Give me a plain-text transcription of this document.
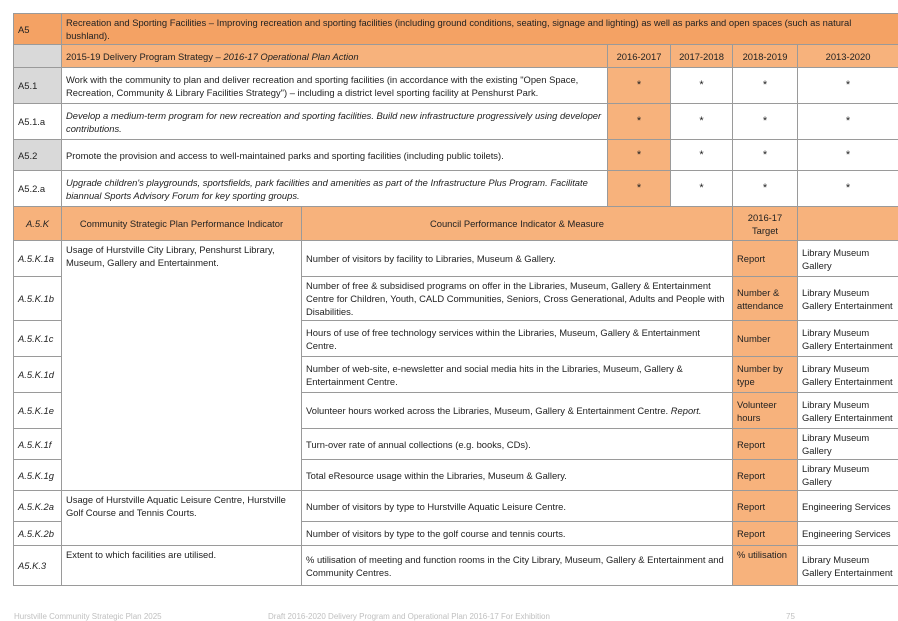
A5	Recreation and Sporting Facilities – Improving recreation and sporting facilities (including ground conditions, seating, signage and lighting) as well as parks and open spaces (such as natural bushland).						
	2015-19 Delivery Program Strategy – 2016-17 Operational Plan Action		2016-2017	2017-2018	2018-2019	2013-2020	
A5.1	Work with the community to plan and deliver recreation and sporting facilities (in accordance with the existing "Open Space, Recreation, Community & Library Facilities Strategy") – including a district level sporting facility at Penshurst Park.		*	*	*	*	
A5.1.a	Develop a medium-term program for new recreation and sporting facilities. Build new infrastructure progressively using developer contributions.		*	*	*	*	
A5.2	Promote the provision and access to well-maintained parks and sporting facilities (including public toilets).		*	*	*	*	
A5.2.a	Upgrade children's playgrounds, sportsfields, park facilities and amenities as part of the Infrastructure Plus Program. Facilitate biannual Sports Advisory Forum for key sporting groups.		*	*	*	*	
A.5.K	Community Strategic Plan Performance Indicator	Council Performance Indicator & Measure			2016-17 Target		
A.5.K.1a	Usage of Hurstville City Library, Penshurst Library, Museum, Gallery and Entertainment.	Number of visitors by facility to Libraries, Museum & Gallery.			Report	Library Museum Gallery	
A.5.K.1b		Number of free & subsidised programs on offer in the Libraries, Museum, Gallery & Entertainment Centre for Children, Youth, CALD Communities, Seniors, Cross Generational, Adults and People with Disabilities.			Number & attendance	Library Museum Gallery Entertainment	
A.5.K.1c		Hours of use of free technology services within the Libraries, Museum, Gallery & Entertainment Centre.			Number	Library Museum Gallery Entertainment	
A.5.K.1d		Number of web-site, e-newsletter and social media hits in the Libraries, Museum, Gallery & Entertainment Centre.			Number by type	Library Museum Gallery Entertainment	
A.5.K.1e		Volunteer hours worked across the Libraries, Museum, Gallery & Entertainment Centre. Report.			Volunteer hours	Library Museum Gallery Entertainment	
A.5.K.1f		Turn-over rate of annual collections (e.g. books, CDs).			Report	Library Museum Gallery	
A.5.K.1g		Total eResource usage within the Libraries, Museum & Gallery.			Report	Library Museum Gallery	
A.5.K.2a	Usage of Hurstville Aquatic Leisure Centre, Hurstville Golf Course and Tennis Courts.	Number of visitors by type to Hurstville Aquatic Leisure Centre.			Report	Engineering Services	
A.5.K.2b		Number of visitors by type to the golf course and tennis courts.			Report	Engineering Services	
A5.K.3	Extent to which facilities are utilised.	% utilisation of meeting and function rooms in the City Library, Museum, Gallery & Entertainment and Community Centres.			% utilisation	Library Museum Gallery Entertainment	
Hurstville Community Strategic Plan 2025	Draft 2016-2020 Delivery Program and Operational Plan 2016-17 For Exhibition	75
